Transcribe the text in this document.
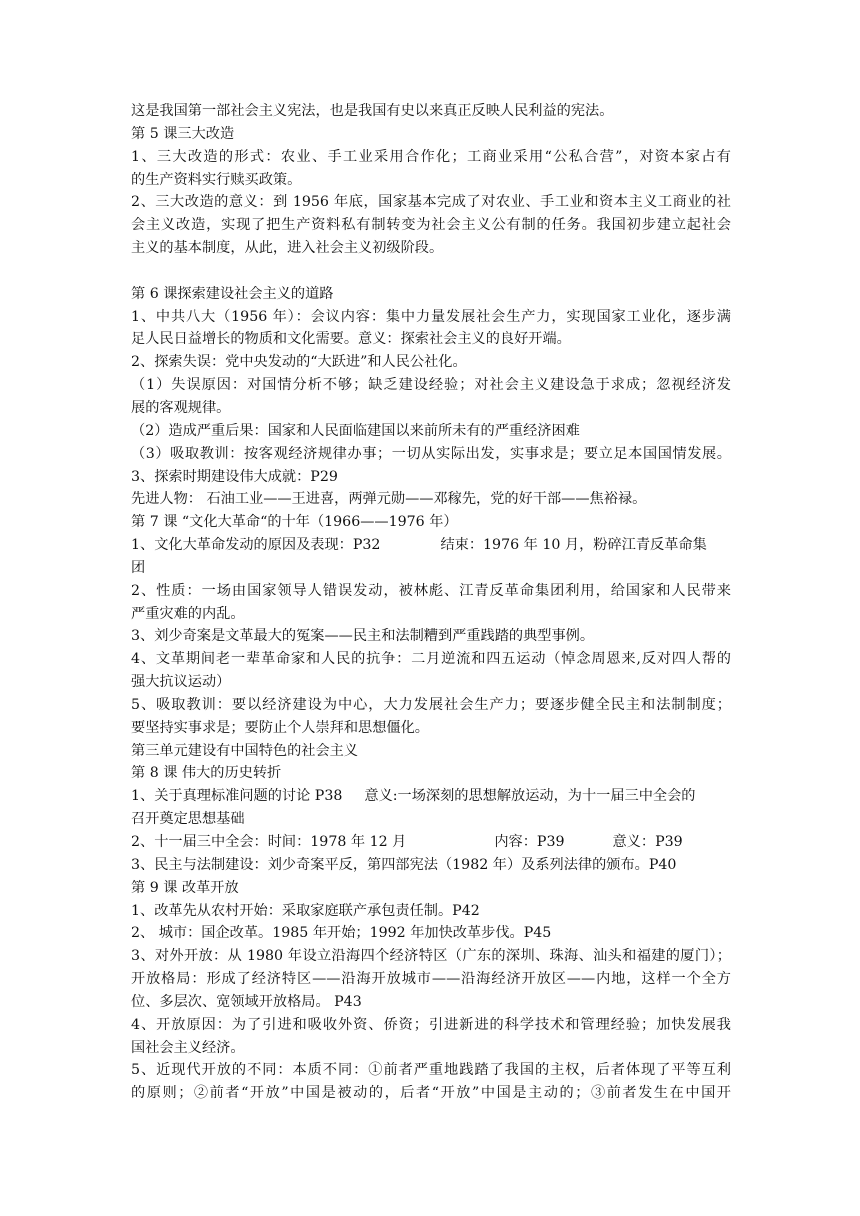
这是我国第一部社会主义宪法，也是我国有史以来真正反映人民利益的宪法。
第 5 课三大改造
1、三大改造的形式：农业、手工业采用合作化；工商业采用“公私合营”，对资本家占有
的生产资料实行赎买政策。
2、三大改造的意义：到 1956 年底，国家基本完成了对农业、手工业和资本主义工商业的社
会主义改造，实现了把生产资料私有制转变为社会主义公有制的任务。我国初步建立起社会
主义的基本制度，从此，进入社会主义初级阶段。
第 6 课探索建设社会主义的道路
1、中共八大（1956 年）：会议内容：集中力量发展社会生产力，实现国家工业化，逐步满
足人民日益增长的物质和文化需要。意义：探索社会主义的良好开端。
2、探索失误：党中央发动的“大跃进”和人民公社化。
（1）失误原因：对国情分析不够；缺乏建设经验；对社会主义建设急于求成；忽视经济发
展的客观规律。
（2）造成严重后果：国家和人民面临建国以来前所未有的严重经济困难
（3）吸取教训：按客观经济规律办事；一切从实际出发，实事求是；要立足本国国情发展。
3、探索时期建设伟大成就：P29
先进人物： 石油工业——王进喜，两弹元勋——邓稼先，党的好干部——焦裕禄。
第 7 课 “文化大革命“的十年（1966——1976 年）
1、文化大革命发动的原因及表现：P32	结束：1976 年 10 月，粉碎江青反革命集
团
2、性质：一场由国家领导人错误发动，被林彪、江青反革命集团利用，给国家和人民带来
严重灾难的内乱。
3、刘少奇案是文革最大的冤案——民主和法制糟到严重践踏的典型事例。
4、文革期间老一辈革命家和人民的抗争：二月逆流和四五运动（悼念周恩来,反对四人帮的
强大抗议运动）
5、吸取教训：要以经济建设为中心，大力发展社会生产力；要逐步健全民主和法制制度；
要坚持实事求是；要防止个人崇拜和思想僵化。
第三单元建设有中国特色的社会主义
第 8 课 伟大的历史转折
1、关于真理标准问题的讨论 P38 意义:一场深刻的思想解放运动，为十一届三中全会的
召开奠定思想基础
2、十一届三中全会：时间：1978 年 12 月	内容：P39	意义：P39
3、民主与法制建设：刘少奇案平反，第四部宪法（1982 年）及系列法律的颁布。P40
第 9 课 改革开放
1、改革先从农村开始：采取家庭联产承包责任制。P42
2、 城市：国企改革。1985 年开始；1992 年加快改革步伐。P45
3、对外开放：从 1980 年设立沿海四个经济特区（广东的深圳、珠海、汕头和福建的厦门）；
开放格局：形成了经济特区——沿海开放城市——沿海经济开放区——内地，这样一个全方
位、多层次、宽领域开放格局。 P43
4、开放原因：为了引进和吸收外资、侨资；引进新进的科学技术和管理经验；加快发展我
国社会主义经济。
5、近现代开放的不同：本质不同：①前者严重地践踏了我国的主权，后者体现了平等互利
的原则；②前者“开放”中国是被动的，后者“开放”中国是主动的；③前者发生在中国开
